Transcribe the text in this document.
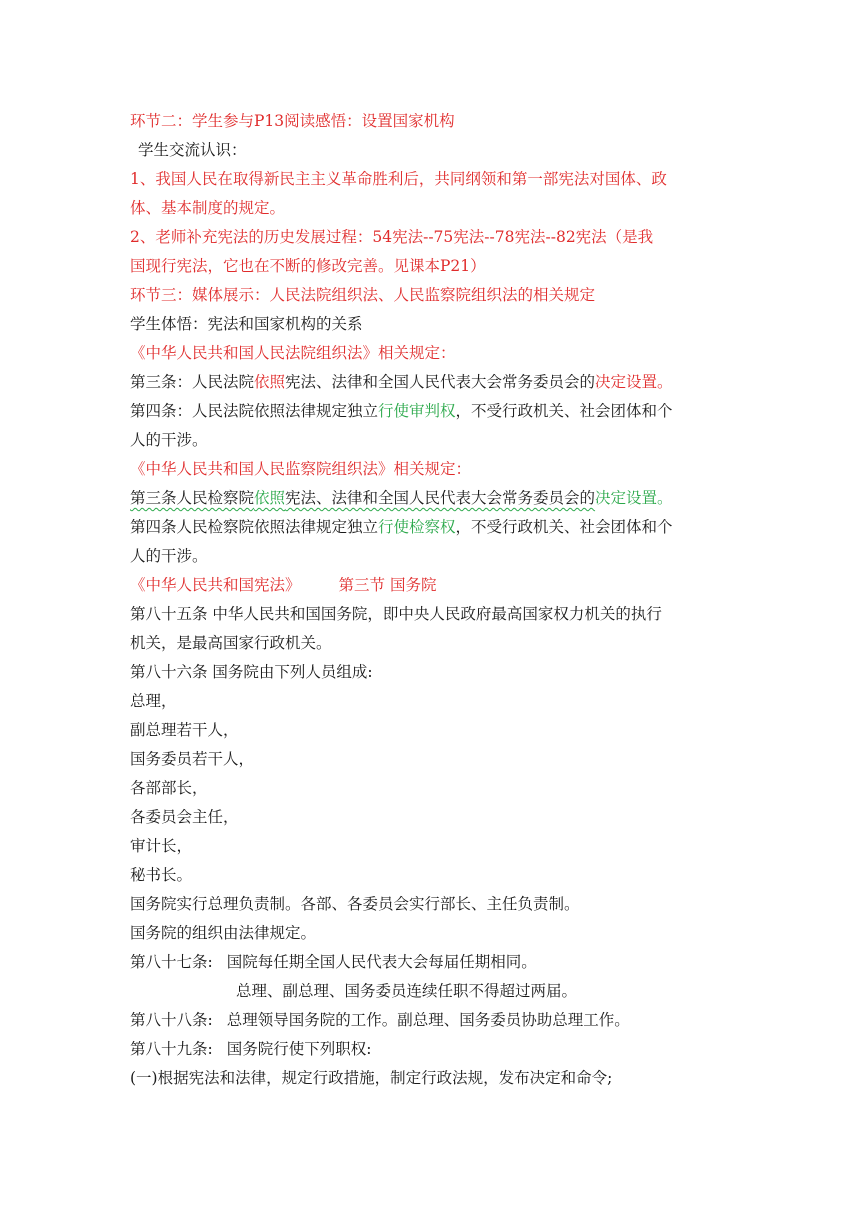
环节二：学生参与P13阅读感悟：设置国家机构
学生交流认识：
1、我国人民在取得新民主主义革命胜利后，共同纲领和第一部宪法对国体、政
体、基本制度的规定。
2、老师补充宪法的历史发展过程：54宪法--75宪法--78宪法--82宪法（是我
国现行宪法，它也在不断的修改完善。见课本P21）
环节三：媒体展示：人民法院组织法、人民监察院组织法的相关规定
学生体悟：宪法和国家机构的关系
《中华人民共和国人民法院组织法》相关规定：
第三条：人民法院依照宪法、法律和全国人民代表大会常务委员会的决定设置。
第四条：人民法院依照法律规定独立行使审判权，不受行政机关、社会团体和个
人的干涉。
《中华人民共和国人民监察院组织法》相关规定：
第三条人民检察院依照宪法、法律和全国人民代表大会常务委员会的决定设置。
第四条人民检察院依照法律规定独立行使检察权，不受行政机关、社会团体和个
人的干涉。
《中华人民共和国宪法》 第三节 国务院
第八十五条 中华人民共和国国务院，即中央人民政府最高国家权力机关的执行
机关，是最高国家行政机关。
第八十六条 国务院由下列人员组成:
总理，
副总理若干人，
国务委员若干人，
各部部长，
各委员会主任，
审计长，
秘书长。
国务院实行总理负责制。各部、各委员会实行部长、主任负责制。
国务院的组织由法律规定。
第八十七条: 国院每任期全国人民代表大会每届任期相同。
总理、副总理、国务委员连续任职不得超过两届。
第八十八条: 总理领导国务院的工作。副总理、国务委员协助总理工作。
第八十九条: 国务院行使下列职权:
(一)根据宪法和法律，规定行政措施，制定行政法规，发布决定和命令;
